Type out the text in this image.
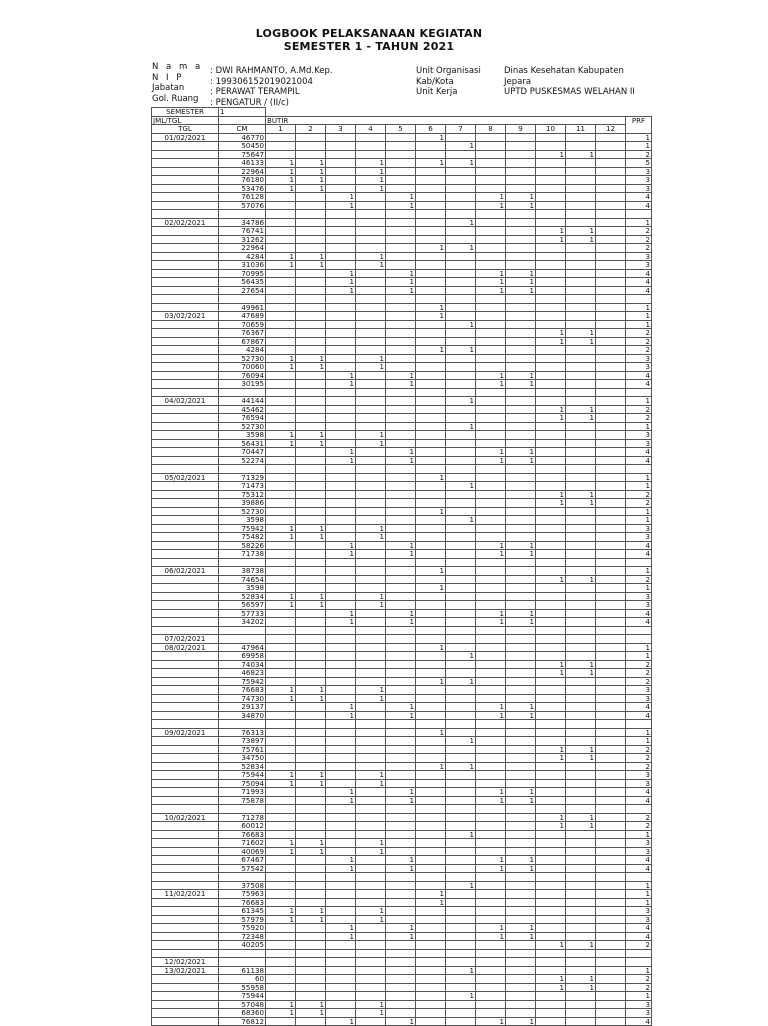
LOGBOOK PELAKSANAAN KEGIATAN
SEMESTER 1 - TAHUN 2021
N a m a
N I P
Jabatan
Gol. Ruang
: DWI RAHMANTO, A.Md.Kep.
: 199306152019021004
: PERAWAT TERAMPIL
: PENGATUR / (II/c)
Unit Organisasi
Kab/Kota
Unit Kerja
Dinas Kesehatan Kabupaten
Jepara
UPTD PUSKESMAS WELAHAN II
SEMESTER	1													
JML/TGL		BUTIR												PRF
TGL	CM	1	2	3	4	5	6	7	8	9	10	11	12	
01/02/2021	46770						1							1
	50450							1						1
	75647										1	1		2
	46133	1	1		1		1	1						5
	22964	1	1		1									3
	76180	1	1		1									3
	53476	1	1		1									3
	76128			1		1			1	1				4
	57076			1		1			1	1				4

02/02/2021	34786							1						1
	76741										1	1		2
	31262										1	1		2
	22964						1	1						2
	4284	1	1		1									3
	31036	1	1		1									3
	70995			1		1			1	1				4
	56435			1		1			1	1				4
	27654			1		1			1	1				4

	49961						1							1
03/02/2021	47689						1							1
	70659							1						1
	76367										1	1		2
	67867										1	1		2
	4284						1	1						2
	52730	1	1		1									3
	70060	1	1		1									3
	76094			1		1			1	1				4
	30195			1		1			1	1				4

04/02/2021	44144							1						1
	45462										1	1		2
	76594										1	1		2
	52730							1						1
	3598	1	1		1									3
	56431	1	1		1									3
	70447			1		1			1	1				4
	52274			1		1			1	1				4

05/02/2021	71329						1							1
	71473							1						1
	75312										1	1		2
	39886										1	1		2
	52730						1							1
	3598							1						1
	75942	1	1		1									3
	75482	1	1		1									3
	58226			1		1			1	1				4
	71738			1		1			1	1				4

06/02/2021	38738						1							1
	74654										1	1		2
	3598						1							1
	52834	1	1		1									3
	56597	1	1		1									3
	57733			1		1			1	1				4
	34202			1		1			1	1				4

07/02/2021														
08/02/2021	47964						1							1
	69958							1						1
	74034										1	1		2
	46823										1	1		2
	75942						1	1						2
	76683	1	1		1									3
	74730	1	1		1									3
	29137			1		1			1	1				4
	34870			1		1			1	1				4

09/02/2021	76313						1							1
	73897							1						1
	75761										1	1		2
	34750										1	1		2
	52834						1	1						2
	75944	1	1		1									3
	75094	1	1		1									3
	71993			1		1			1	1				4
	75878			1		1			1	1				4

10/02/2021	71278										1	1		2
	60012										1	1		2
	76683							1						1
	71602	1	1		1									3
	40069	1	1		1									3
	67467			1		1			1	1				4
	57542			1		1			1	1				4

	37508							1						1
11/02/2021	75963						1							1
	76683						1							1
	61345	1	1		1									3
	57979	1	1		1									3
	75920			1		1			1	1				4
	72348			1		1			1	1				4
	40205										1	1		2

12/02/2021														
13/02/2021	61138							1						1
	60										1	1		2
	55958										1	1		2
	75944							1						1
	57048	1	1		1									3
	68360	1	1		1									3
	76812			1		1			1	1				4
